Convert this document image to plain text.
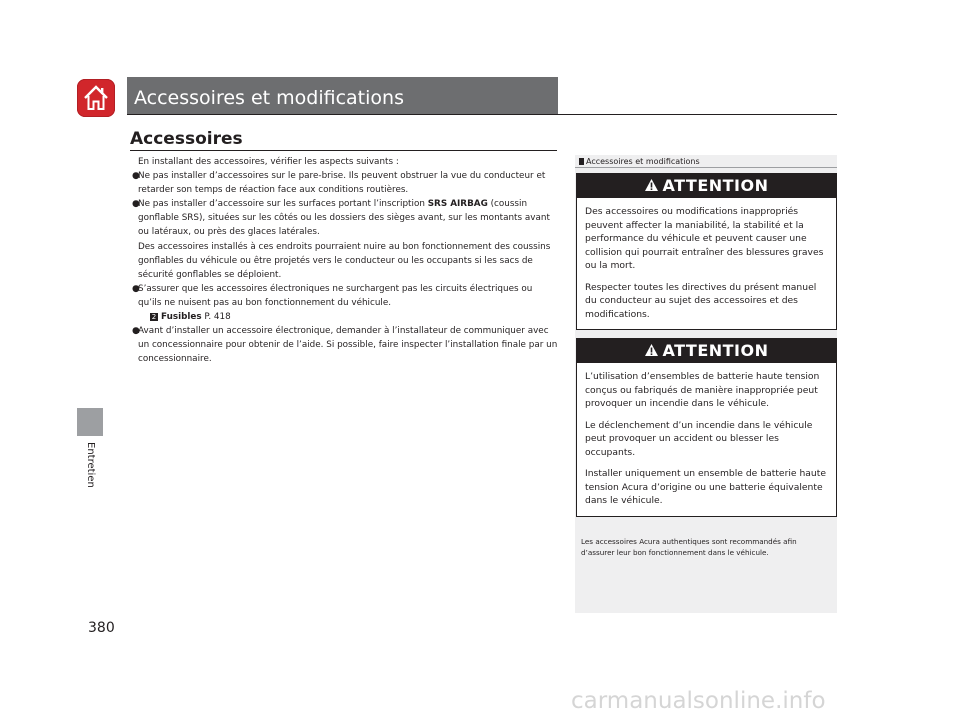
Accessoires et modifications
Entretien
380
Accessoires

En installant des accessoires, vérifier les aspects suivants :

●
Ne pas installer d’accessoires sur le pare-brise. Ils peuvent obstruer la vue du conducteur et retarder son temps de réaction face aux conditions routières.
●
Ne pas installer d’accessoire sur les surfaces portant l’inscription SRS AIRBAG (coussin gonflable SRS), situées sur les côtés ou les dossiers des sièges avant, sur les montants avant ou latéraux, ou près des glaces latérales.
Des accessoires installés à ces endroits pourraient nuire au bon fonctionnement des coussins gonflables du véhicule ou être projetés vers le conducteur ou les occupants si les sacs de sécurité gonflables se déploient.
●
S’assurer que les accessoires électroniques ne surchargent pas les circuits électriques ou qu’ils ne nuisent pas au bon fonctionnement du véhicule.
2 Fusibles P. 418
●
Avant d’installer un accessoire électronique, demander à l’installateur de communiquer avec un concessionnaire pour obtenir de l’aide. Si possible, faire inspecter l’installation finale par un concessionnaire.
Accessoires et modifications
ATTENTION

Des accessoires ou modifications inappropriés peuvent affecter la maniabilité, la stabilité et la performance du véhicule et peuvent causer une collision qui pourrait entraîner des blessures graves ou la mort.

Respecter toutes les directives du présent manuel du conducteur au sujet des accessoires et des modifications.

ATTENTION

L’utilisation d’ensembles de batterie haute tension conçus ou fabriqués de manière inappropriée peut provoquer un incendie dans le véhicule.

Le déclenchement d’un incendie dans le véhicule peut provoquer un accident ou blesser les occupants.

Installer uniquement un ensemble de batterie haute tension Acura d’origine ou une batterie équivalente dans le véhicule.

Les accessoires Acura authentiques sont recommandés afin d’assurer leur bon fonctionnement dans le véhicule.
carmanualsonline.info
